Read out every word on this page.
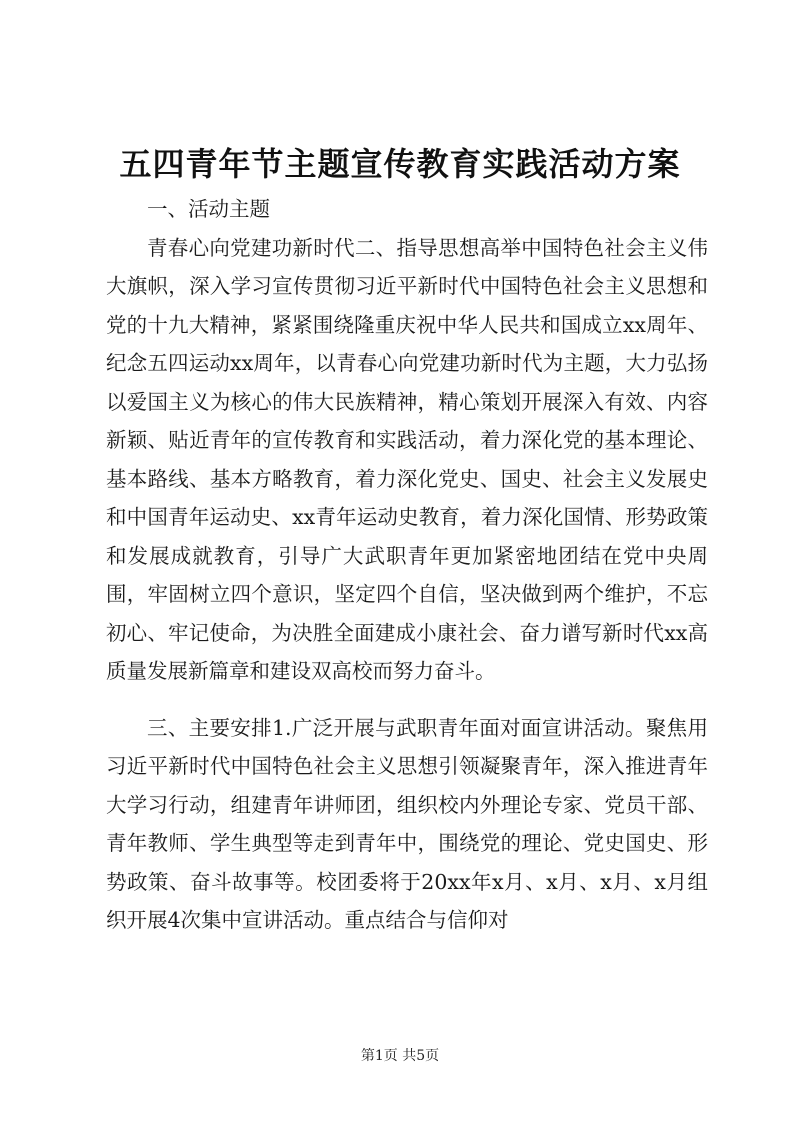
五四青年节主题宣传教育实践活动方案

一、活动主题

青春心向党建功新时代二、指导思想高举中国特色社会主义伟大旗帜，深入学习宣传贯彻习近平新时代中国特色社会主义思想和党的十九大精神，紧紧围绕隆重庆祝中华人民共和国成立xx周年、纪念五四运动xx周年，以青春心向党建功新时代为主题，大力弘扬以爱国主义为核心的伟大民族精神，精心策划开展深入有效、内容新颖、贴近青年的宣传教育和实践活动，着力深化党的基本理论、基本路线、基本方略教育，着力深化党史、国史、社会主义发展史和中国青年运动史、xx青年运动史教育，着力深化国情、形势政策和发展成就教育，引导广大武职青年更加紧密地团结在党中央周围，牢固树立四个意识，坚定四个自信，坚决做到两个维护，不忘初心、牢记使命，为决胜全面建成小康社会、奋力谱写新时代xx高质量发展新篇章和建设双高校而努力奋斗。

三、主要安排1.广泛开展与武职青年面对面宣讲活动。聚焦用习近平新时代中国特色社会主义思想引领凝聚青年，深入推进青年大学习行动，组建青年讲师团，组织校内外理论专家、党员干部、青年教师、学生典型等走到青年中，围绕党的理论、党史国史、形势政策、奋斗故事等。校团委将于20xx年x月、x月、x月、x月组织开展4次集中宣讲活动。重点结合与信仰对

第1页 共5页
